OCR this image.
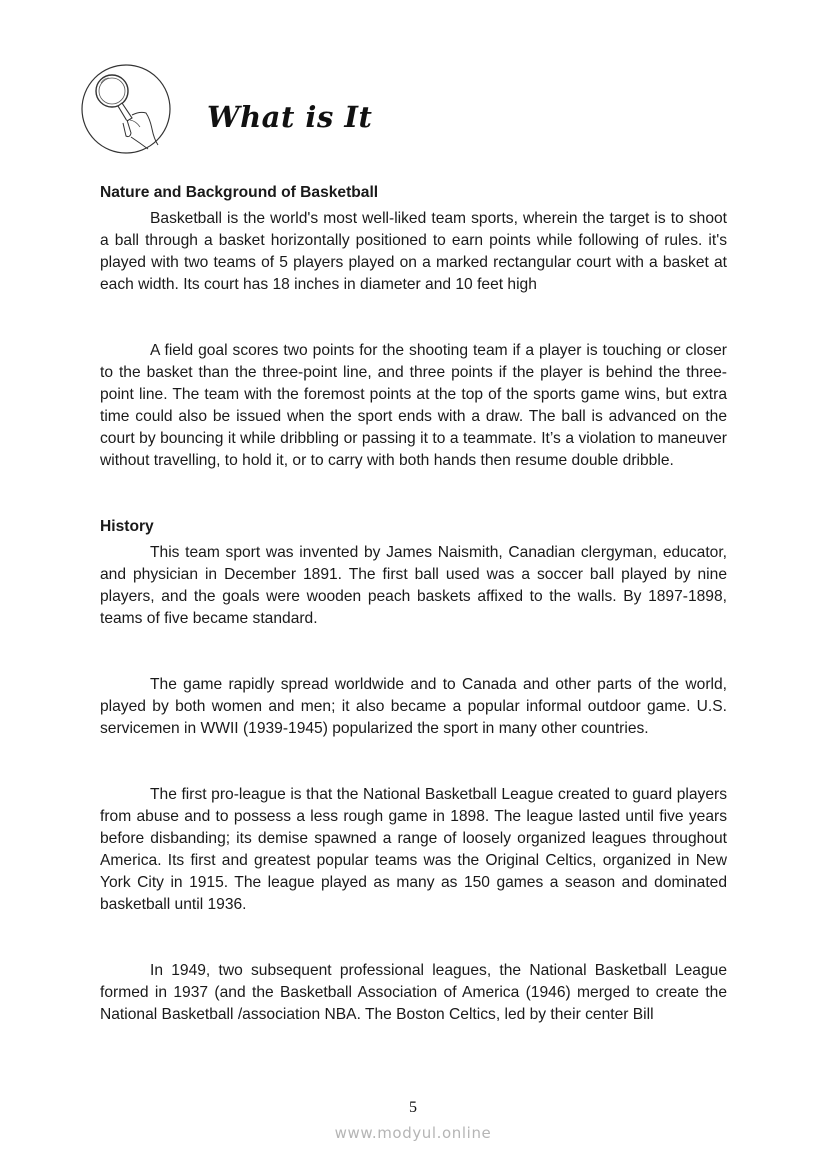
What is It
Nature and Background of Basketball

Basketball is the world's most well-liked team sports, wherein the target is to shoot a ball through a basket horizontally positioned to earn points while following of rules. it's played with two teams of 5 players played on a marked rectangular court with a basket at each width. Its court has 18 inches in diameter and 10 feet high

A field goal scores two points for the shooting team if a player is touching or closer to the basket than the three-point line, and three points if the player is behind the three-point line. The team with the foremost points at the top of the sports game wins, but extra time could also be issued when the sport ends with a draw. The ball is advanced on the court by bouncing it while dribbling or passing it to a teammate. It’s a violation to maneuver without travelling, to hold it, or to carry with both hands then resume double dribble.

History

This team sport was invented by James Naismith, Canadian clergyman, educator, and physician in December 1891. The first ball used was a soccer ball played by nine players, and the goals were wooden peach baskets affixed to the walls. By 1897-1898, teams of five became standard.

The game rapidly spread worldwide and to Canada and other parts of the world, played by both women and men; it also became a popular informal outdoor game. U.S. servicemen in WWII (1939-1945) popularized the sport in many other countries.

The first pro-league is that the National Basketball League created to guard players from abuse and to possess a less rough game in 1898. The league lasted until five years before disbanding; its demise spawned a range of loosely organized leagues throughout America. Its first and greatest popular teams was the Original Celtics, organized in New York City in 1915. The league played as many as 150 games a season and dominated basketball until 1936.

In 1949, two subsequent professional leagues, the National Basketball League formed in 1937 (and the Basketball Association of America (1946) merged to create the National Basketball /association NBA. The Boston Celtics, led by their center Bill

5
www.modyul.online
